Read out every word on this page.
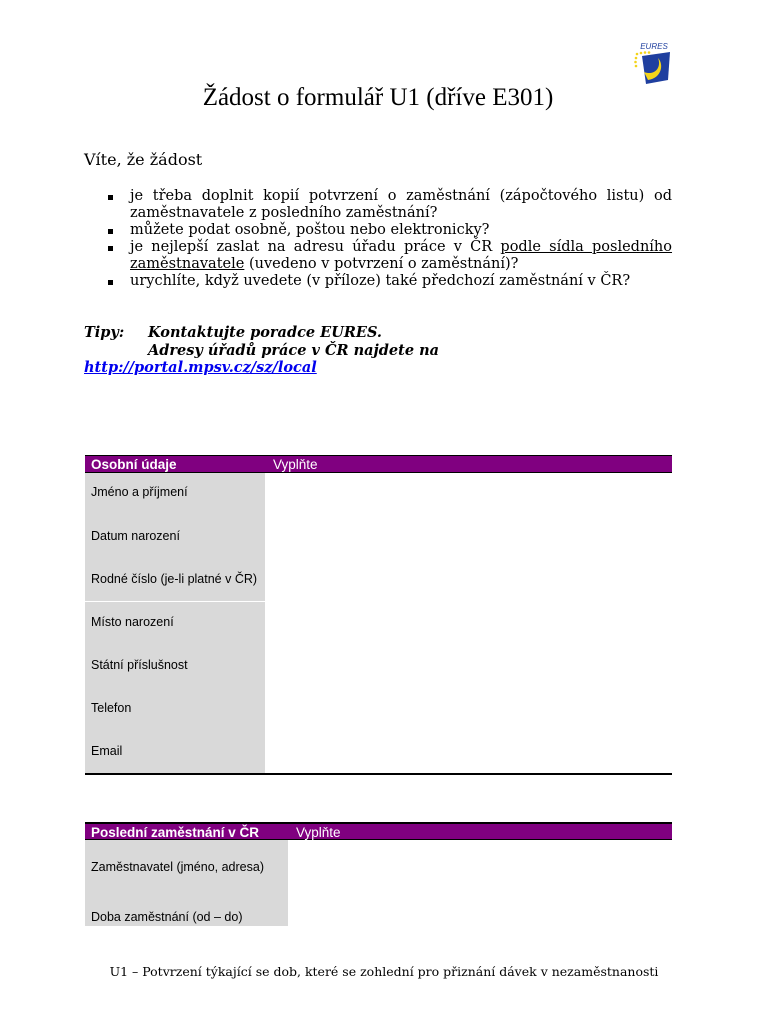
EURES
Žádost o formulář U1 (dříve E301)
Víte, že žádost
je třeba doplnit kopií potvrzení o zaměstnání (zápočtového listu) od zaměstnavatele z posledního zaměstnání?
můžete podat osobně, poštou nebo elektronicky?
je nejlepší zaslat na adresu úřadu práce v ČR podle sídla posledního zaměstnavatele (uvedeno v potvrzení o zaměstnání)?
urychlíte, když uvedete (v příloze) také předchozí zaměstnání v ČR?
Tipy: Kontaktujte poradce EURES.
Adresy úřadů práce v ČR najdete na
http://portal.mpsv.cz/sz/local
Osobní údaje	Vyplňte
Jméno a příjmení
Datum narození
Rodné číslo (je-li platné v ČR)
Místo narození
Státní příslušnost
Telefon
Email
Poslední zaměstnání v ČR	Vyplňte
Zaměstnavatel (jméno, adresa)
Doba zaměstnání (od – do)
U1 – Potvrzení týkající se dob, které se zohlední pro přiznání dávek v nezaměstnanosti
